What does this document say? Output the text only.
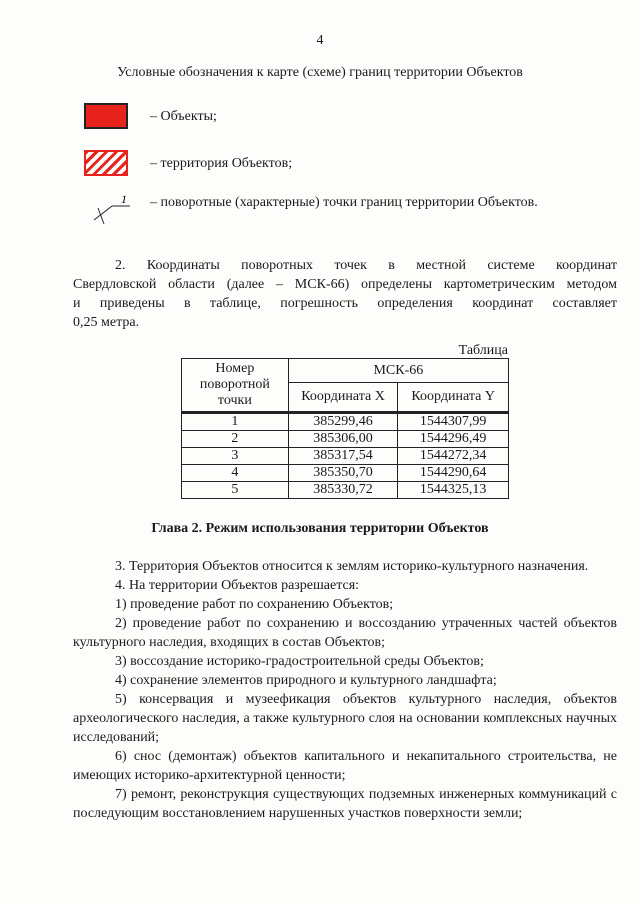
4
Условные обозначения к карте (схеме) границ территории Объектов
– Объекты;
– территория Объектов;
1 – поворотные (характерные) точки границ территории Объектов.

2. Координаты поворотных точек в местной системе координат

Свердловской области (далее – МСК-66) определены картометрическим методом

и приведены в таблице, погрешность определения координат составляет

0,25 метра.

Таблица
Номер поворотной точки	МСК-66	
	Координата X	Координата Y

1	385299,46	1544307,99
2	385306,00	1544296,49
3	385317,54	1544272,34
4	385350,70	1544290,64
5	385330,72	1544325,13
Глава 2. Режим использования территории Объектов

3. Территория Объектов относится к землям историко-культурного назначения.

4. На территории Объектов разрешается:

1) проведение работ по сохранению Объектов;

2) проведение работ по сохранению и воссозданию утраченных частей объектов культурного наследия, входящих в состав Объектов;

3) воссоздание историко-градостроительной среды Объектов;

4) сохранение элементов природного и культурного ландшафта;

5) консервация и музеефикация объектов культурного наследия, объектов археологического наследия, а также культурного слоя на основании комплексных научных исследований;

6) снос (демонтаж) объектов капитального и некапитального строительства, не имеющих историко-архитектурной ценности;

7) ремонт, реконструкция существующих подземных инженерных коммуникаций с последующим восстановлением нарушенных участков поверхности земли;
